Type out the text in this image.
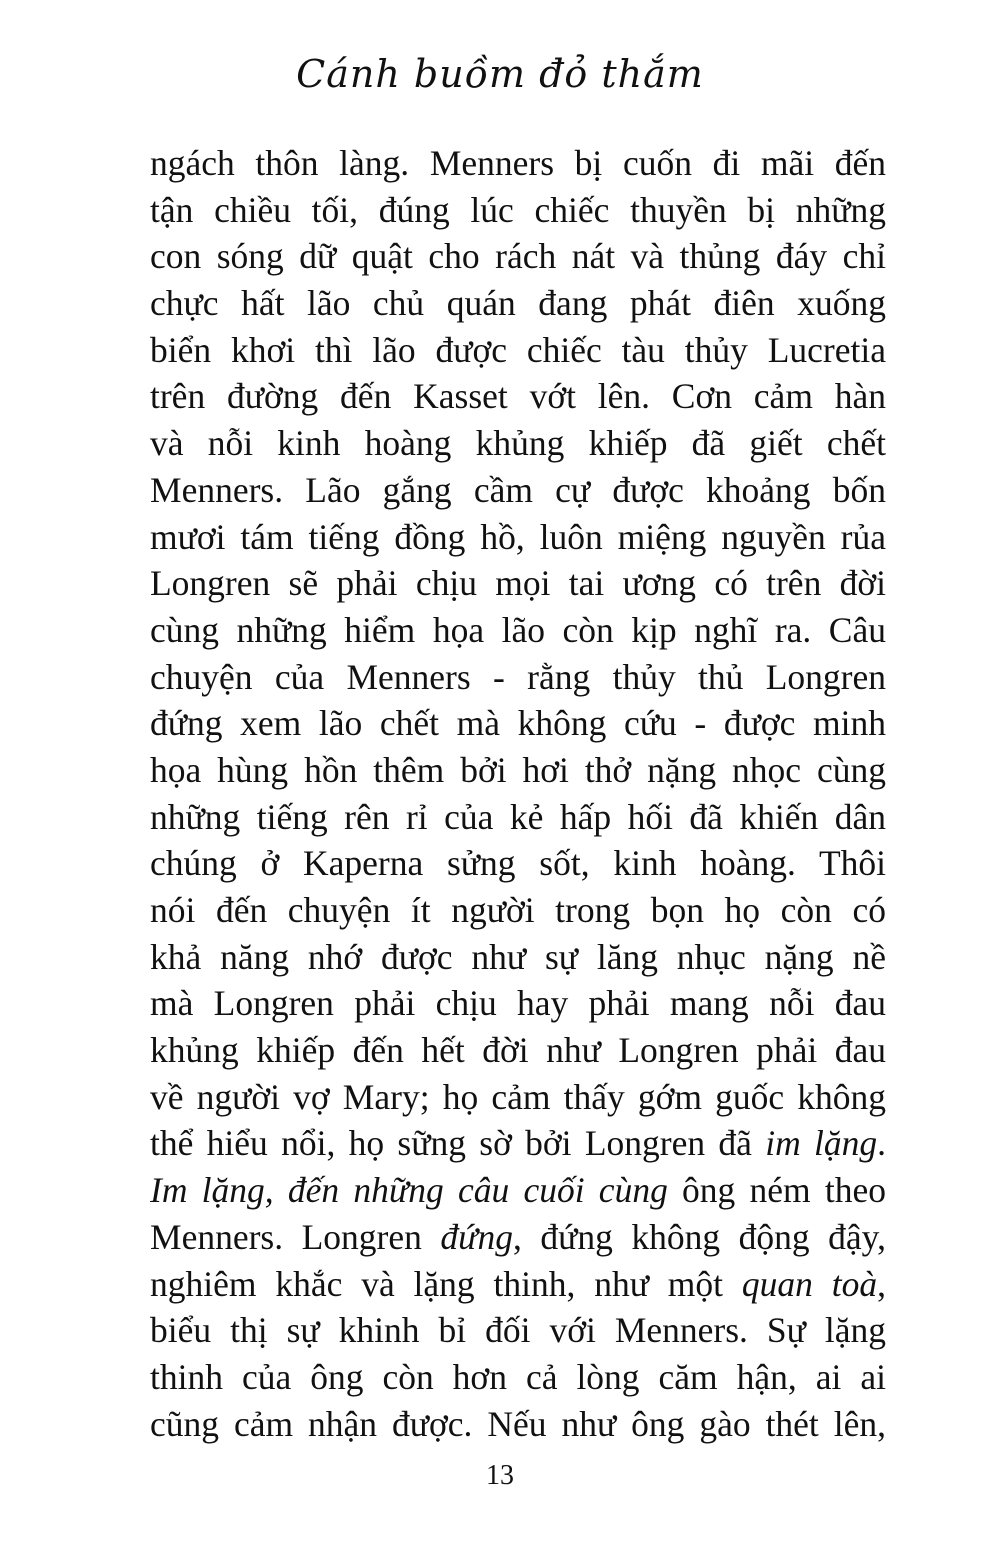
Cánh buồm đỏ thắm
ngách thôn làng. Menners bị cuốn đi mãi đến
tận chiều tối, đúng lúc chiếc thuyền bị những
con sóng dữ quật cho rách nát và thủng đáy chỉ
chực hất lão chủ quán đang phát điên xuống
biển khơi thì lão được chiếc tàu thủy Lucretia
trên đường đến Kasset vớt lên. Cơn cảm hàn
và nỗi kinh hoàng khủng khiếp đã giết chết
Menners. Lão gắng cầm cự được khoảng bốn
mươi tám tiếng đồng hồ, luôn miệng nguyền rủa
Longren sẽ phải chịu mọi tai ương có trên đời
cùng những hiểm họa lão còn kịp nghĩ ra. Câu
chuyện của Menners - rằng thủy thủ Longren
đứng xem lão chết mà không cứu - được minh
họa hùng hồn thêm bởi hơi thở nặng nhọc cùng
những tiếng rên rỉ của kẻ hấp hối đã khiến dân
chúng ở Kaperna sửng sốt, kinh hoàng. Thôi
nói đến chuyện ít người trong bọn họ còn có
khả năng nhớ được như sự lăng nhục nặng nề
mà Longren phải chịu hay phải mang nỗi đau
khủng khiếp đến hết đời như Longren phải đau
về người vợ Mary; họ cảm thấy gớm guốc không
thể hiểu nổi, họ sững sờ bởi Longren đã im lặng.
Im lặng, đến những câu cuối cùng ông ném theo
Menners. Longren đứng, đứng không động đậy,
nghiêm khắc và lặng thinh, như một quan toà,
biểu thị sự khinh bỉ đối với Menners. Sự lặng
thinh của ông còn hơn cả lòng căm hận, ai ai
cũng cảm nhận được. Nếu như ông gào thét lên,
13
